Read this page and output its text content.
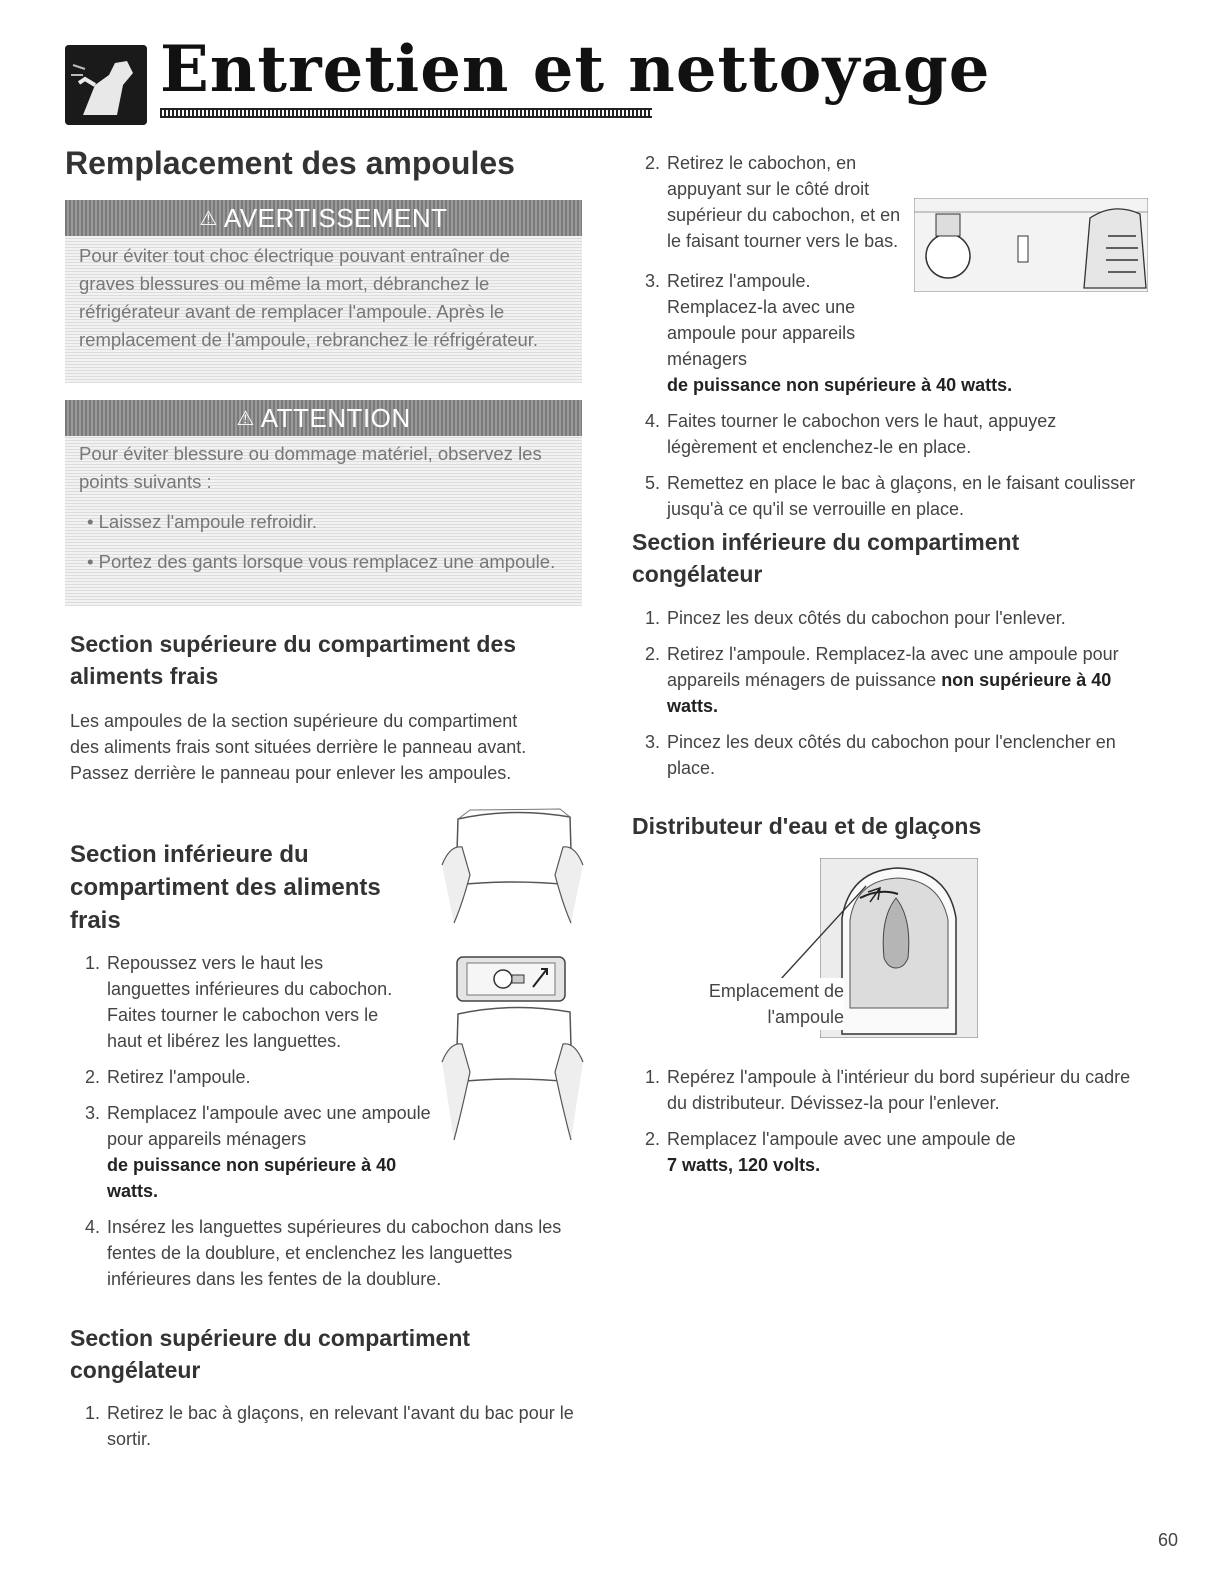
Entretien et nettoyage
Remplacement des ampoules
⚠ AVERTISSEMENT
Pour éviter tout choc électrique pouvant entraîner de graves blessures ou même la mort, débranchez le réfrigérateur avant de remplacer l'ampoule. Après le remplacement de l'ampoule, rebranchez le réfrigérateur.
⚠ ATTENTION
Pour éviter blessure ou dommage matériel, observez les points suivants :
• Laissez l'ampoule refroidir.
• Portez des gants lorsque vous remplacez une ampoule.
Section supérieure du compartiment des aliments frais

Les ampoules de la section supérieure du compartiment des aliments frais sont situées derrière le panneau avant. Passez derrière le panneau pour enlever les ampoules.

Section inférieure du compartiment des aliments frais
1. Repoussez vers le haut les languettes inférieures du cabochon. Faites tourner le cabochon vers le haut et libérez les languettes.
2. Retirez l'ampoule.
3. Remplacez l'ampoule avec une ampoule pour appareils ménagers
de puissance non supérieure à 40 watts.
4. Insérez les languettes supérieures du cabochon dans les fentes de la doublure, et enclenchez les languettes inférieures dans les fentes de la doublure.
Section supérieure du compartiment congélateur
1. Retirez le bac à glaçons, en relevant l'avant du bac pour le sortir.
2. Retirez le cabochon, en appuyant sur le côté droit supérieur du cabochon, et en le faisant tourner vers le bas.
3. Retirez l'ampoule. Remplacez-la avec une ampoule pour appareils ménagers
de puissance non supérieure à 40 watts.
4. Faites tourner le cabochon vers le haut, appuyez légèrement et enclenchez-le en place.
5. Remettez en place le bac à glaçons, en le faisant coulisser jusqu'à ce qu'il se verrouille en place.
Section inférieure du compartiment congélateur
1. Pincez les deux côtés du cabochon pour l'enlever.
2. Retirez l'ampoule. Remplacez-la avec une ampoule pour appareils ménagers de puissance non supérieure à 40 watts.
3. Pincez les deux côtés du cabochon pour l'enclencher en place.
Distributeur d'eau et de glaçons
Emplacement de l'ampoule
1. Repérez l'ampoule à l'intérieur du bord supérieur du cadre du distributeur. Dévissez-la pour l'enlever.
2. Remplacez l'ampoule avec une ampoule de
7 watts, 120 volts.
60
